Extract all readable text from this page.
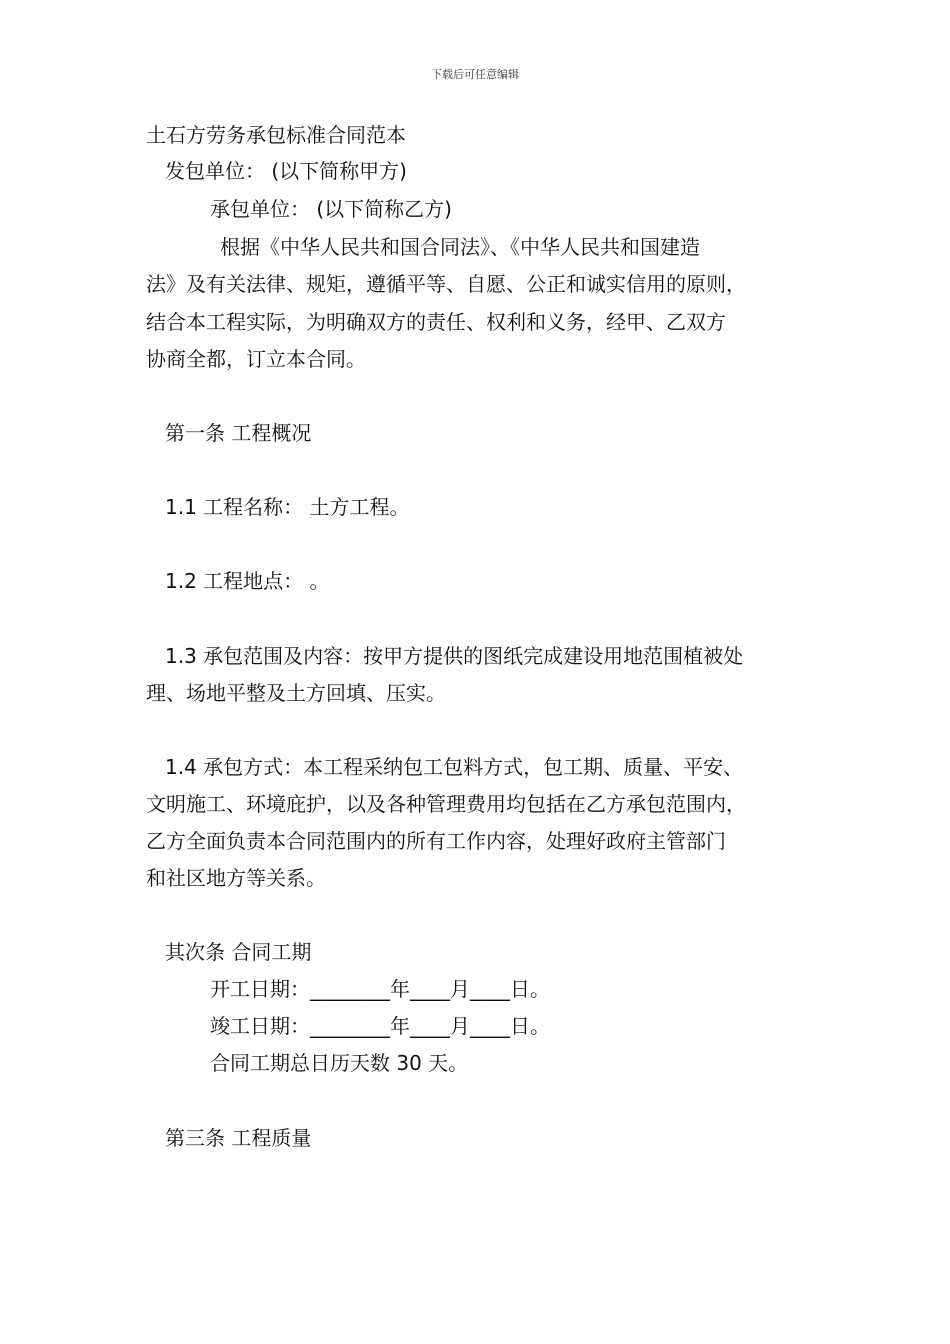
下载后可任意编辑
土石方劳务承包标准合同范本
发包单位： (以下简称甲方)
承包单位： (以下简称乙方)
根据《中华人民共和国合同法》、《中华人民共和国建造
法》及有关法律、规矩，遵循平等、自愿、公正和诚实信用的原则，
结合本工程实际，为明确双方的责任、权利和义务，经甲、乙双方
协商全都，订立本合同。
第一条 工程概况
1.1 工程名称： 土方工程。
1.2 工程地点： 。
1.3 承包范围及内容：按甲方提供的图纸完成建设用地范围植被处
理、场地平整及土方回填、压实。
1.4 承包方式：本工程采纳包工包料方式，包工期、质量、平安、
文明施工、环境庇护，以及各种管理费用均包括在乙方承包范围内，
乙方全面负责本合同范围内的所有工作内容，处理好政府主管部门
和社区地方等关系。
其次条 合同工期
开工日期：________年____月____日。
竣工日期：________年____月____日。
合同工期总日历天数 30 天。
第三条 工程质量
